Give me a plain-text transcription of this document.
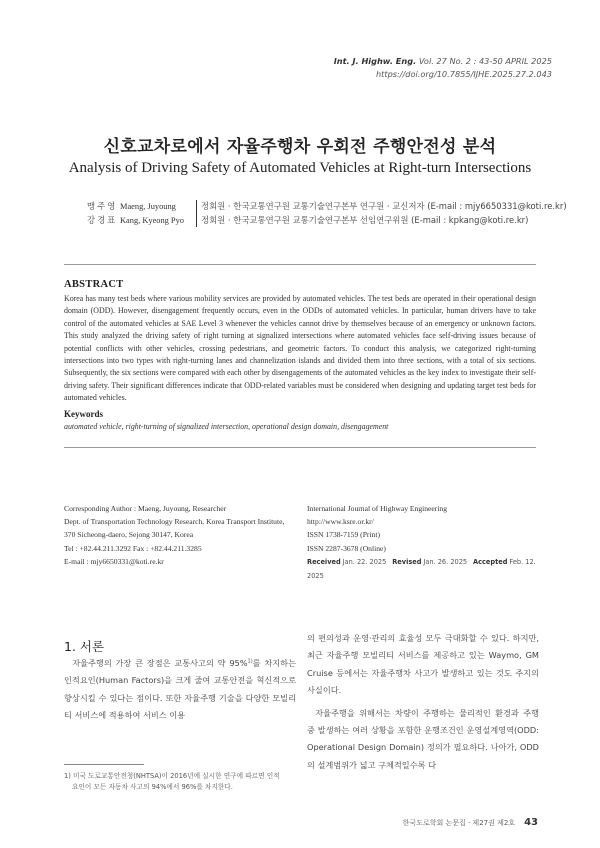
Int. J. Highw. Eng. Vol. 27 No. 2 : 43-50 APRIL 2025
https://doi.org/10.7855/IJHE.2025.27.2.043
신호교차로에서 자율주행차 우회전 주행안전성 분석
Analysis of Driving Safety of Automated Vehicles at Right-turn Intersections
맹주영 Maeng, Juyoung	정회원 · 한국교통연구원 교통기술연구본부 연구원 · 교신저자 (E-mail : mjy6650331@koti.re.kr)
강경표 Kang, Kyeong Pyo	정회원 · 한국교통연구원 교통기술연구본부 선임연구위원 (E-mail : kpkang@koti.re.kr)
ABSTRACT
Korea has many test beds where various mobility services are provided by automated vehicles. The test beds are operated in their operational design domain (ODD). However, disengagement frequently occurs, even in the ODDs of automated vehicles. In particular, human drivers have to take control of the automated vehicles at SAE Level 3 whenever the vehicles cannot drive by themselves because of an emergency or unknown factors. This study analyzed the driving safety of right turning at signalized intersections where automated vehicles face self-driving issues because of potential conflicts with other vehicles, crossing pedestrians, and geometric factors. To conduct this analysis, we categorized right-turning intersections into two types with right-turning lanes and channelization islands and divided them into three sections, with a total of six sections. Subsequently, the six sections were compared with each other by disengagements of the automated vehicles as the key index to investigate their self-driving safety. Their significant differences indicate that ODD-related variables must be considered when designing and updating target test beds for automated vehicles.
Keywords
automated vehicle, right-turning of signalized intersection, operational design domain, disengagement
Corresponding Author : Maeng, Juyoung, Researcher
Dept. of Transportation Technology Research, Korea Transport Institute,
370 Sicheong-daero, Sejong 30147, Korea
Tel : +82.44.211.3292 Fax : +82.44.211.3285
E-mail : mjy6650331@koti.re.kr
International Journal of Highway Engineering
http://www.ksre.or.kr/
ISSN 1738-7159 (Print)
ISSN 2287-3678 (Online)
Received Jan. 22. 2025 Revised Jan. 26. 2025 Accepted Feb. 12. 2025
1. 서론
자율주행의 가장 큰 장점은 교통사고의 약 95%$^{1)}$를 차지하는 인적요인(Human Factors)을 크게 줄여 교통안전을 혁신적으로 향상시킬 수 있다는 점이다. 또한 자율주행 기술을 다양한 모빌리티 서비스에 적용하여 서비스 이용
의 편의성과 운영·관리의 효율성 모두 극대화할 수 있다. 하지만, 최근 자율주행 모빌리티 서비스를 제공하고 있는 Waymo, GM Cruise 등에서는 자율주행차 사고가 발생하고 있는 것도 주지의 사실이다.
자율주행을 위해서는 차량이 주행하는 물리적인 환경과 주행 중 발생하는 여러 상황을 포함한 운행조건인 운영설계영역(ODD: Operational Design Domain) 정의가 필요하다. 나아가, ODD의 설계범위가 넓고 구체적일수록 다
1) 미국 도로교통안전청(NHTSA)이 2016년에 실시한 연구에 따르면 인적
요인이 모든 자동차 사고의 94%에서 96%를 차지한다.
한국도로학회 논문집 · 제27권 제2호 43
